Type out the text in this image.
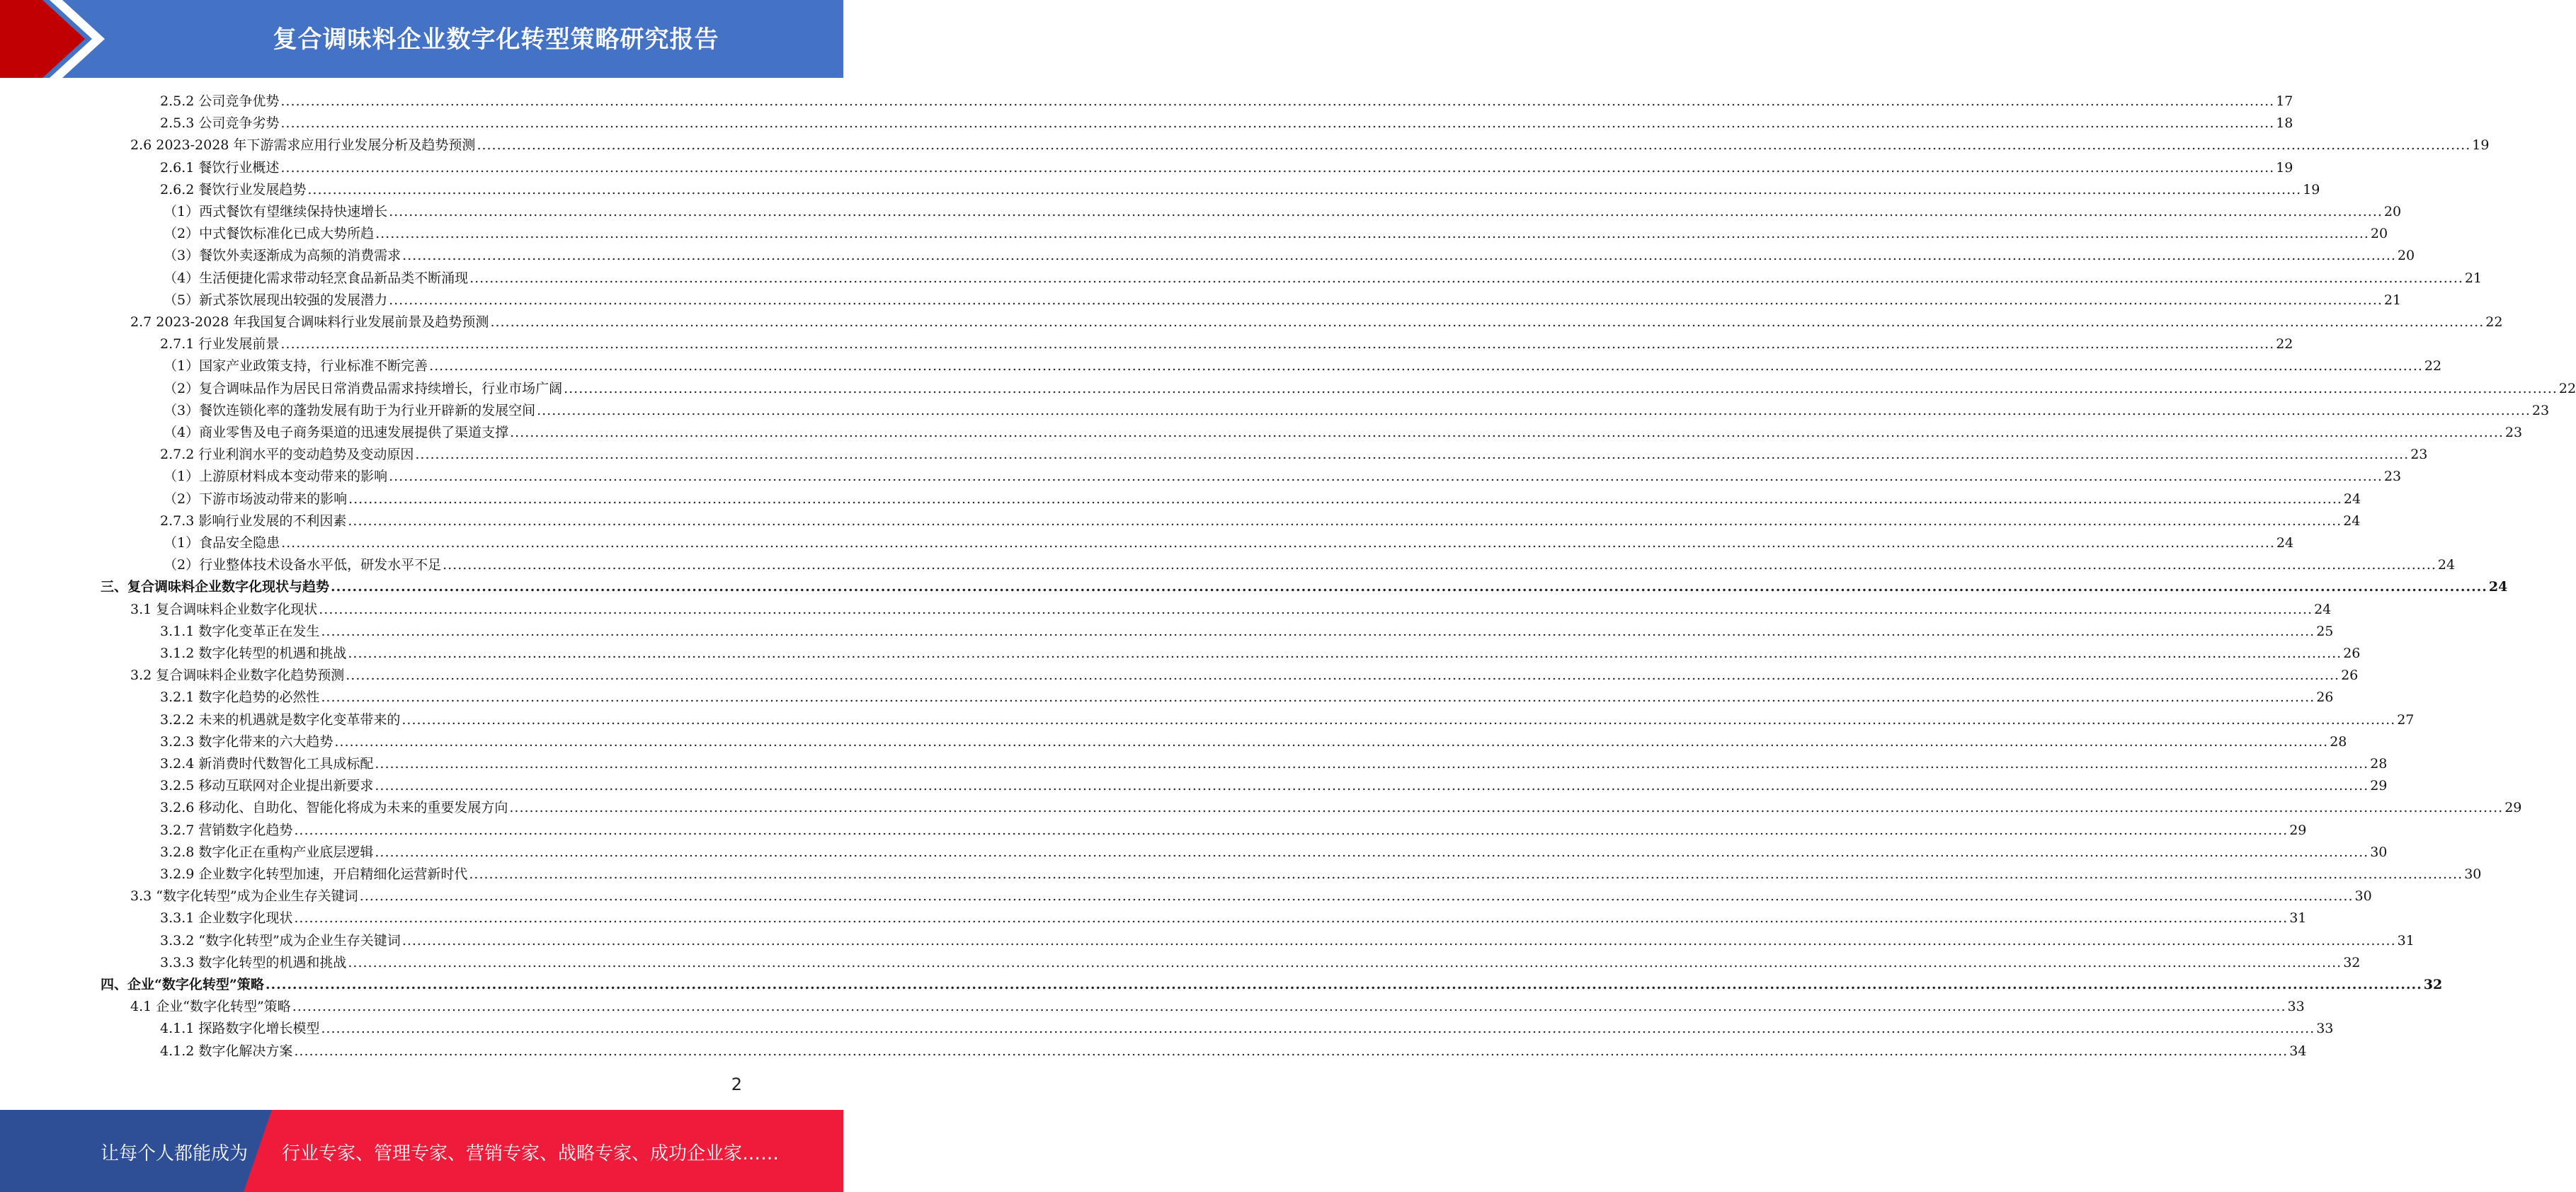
复合调味料企业数字化转型策略研究报告
2.5.2 公司竞争优势 ................................................................................................................................................................................................................................................................................................................................................................................................................ 17
2.5.3 公司竞争劣势 ................................................................................................................................................................................................................................................................................................................................................................................................................ 18
2.6 2023-2028 年下游需求应用行业发展分析及趋势预测 ................................................................................................................................................................................................................................................................................................................................................................................................................ 19
2.6.1 餐饮行业概述 ................................................................................................................................................................................................................................................................................................................................................................................................................ 19
2.6.2 餐饮行业发展趋势 ................................................................................................................................................................................................................................................................................................................................................................................................................ 19
（1）西式餐饮有望继续保持快速增长 ................................................................................................................................................................................................................................................................................................................................................................................................................ 20
（2）中式餐饮标准化已成大势所趋 ................................................................................................................................................................................................................................................................................................................................................................................................................ 20
（3）餐饮外卖逐渐成为高频的消费需求 ................................................................................................................................................................................................................................................................................................................................................................................................................ 20
（4）生活便捷化需求带动轻烹食品新品类不断涌现 ................................................................................................................................................................................................................................................................................................................................................................................................................ 21
（5）新式茶饮展现出较强的发展潜力 ................................................................................................................................................................................................................................................................................................................................................................................................................ 21
2.7 2023-2028 年我国复合调味料行业发展前景及趋势预测 ................................................................................................................................................................................................................................................................................................................................................................................................................ 22
2.7.1 行业发展前景 ................................................................................................................................................................................................................................................................................................................................................................................................................ 22
（1）国家产业政策支持，行业标准不断完善 ................................................................................................................................................................................................................................................................................................................................................................................................................ 22
（2）复合调味品作为居民日常消费品需求持续增长，行业市场广阔 ................................................................................................................................................................................................................................................................................................................................................................................................................ 22
（3）餐饮连锁化率的蓬勃发展有助于为行业开辟新的发展空间 ................................................................................................................................................................................................................................................................................................................................................................................................................ 23
（4）商业零售及电子商务渠道的迅速发展提供了渠道支撑 ................................................................................................................................................................................................................................................................................................................................................................................................................ 23
2.7.2 行业利润水平的变动趋势及变动原因 ................................................................................................................................................................................................................................................................................................................................................................................................................ 23
（1）上游原材料成本变动带来的影响 ................................................................................................................................................................................................................................................................................................................................................................................................................ 23
（2）下游市场波动带来的影响 ................................................................................................................................................................................................................................................................................................................................................................................................................ 24
2.7.3 影响行业发展的不利因素 ................................................................................................................................................................................................................................................................................................................................................................................................................ 24
（1）食品安全隐患 ................................................................................................................................................................................................................................................................................................................................................................................................................ 24
（2）行业整体技术设备水平低，研发水平不足 ................................................................................................................................................................................................................................................................................................................................................................................................................ 24
三、复合调味料企业数字化现状与趋势 ................................................................................................................................................................................................................................................................................................................................................................................................................ 24
3.1 复合调味料企业数字化现状 ................................................................................................................................................................................................................................................................................................................................................................................................................ 24
3.1.1 数字化变革正在发生 ................................................................................................................................................................................................................................................................................................................................................................................................................ 25
3.1.2 数字化转型的机遇和挑战 ................................................................................................................................................................................................................................................................................................................................................................................................................ 26
3.2 复合调味料企业数字化趋势预测 ................................................................................................................................................................................................................................................................................................................................................................................................................ 26
3.2.1 数字化趋势的必然性 ................................................................................................................................................................................................................................................................................................................................................................................................................ 26
3.2.2 未来的机遇就是数字化变革带来的 ................................................................................................................................................................................................................................................................................................................................................................................................................ 27
3.2.3 数字化带来的六大趋势 ................................................................................................................................................................................................................................................................................................................................................................................................................ 28
3.2.4 新消费时代数智化工具成标配 ................................................................................................................................................................................................................................................................................................................................................................................................................ 28
3.2.5 移动互联网对企业提出新要求 ................................................................................................................................................................................................................................................................................................................................................................................................................ 29
3.2.6 移动化、自助化、智能化将成为未来的重要发展方向 ................................................................................................................................................................................................................................................................................................................................................................................................................ 29
3.2.7 营销数字化趋势 ................................................................................................................................................................................................................................................................................................................................................................................................................ 29
3.2.8 数字化正在重构产业底层逻辑 ................................................................................................................................................................................................................................................................................................................................................................................................................ 30
3.2.9 企业数字化转型加速，开启精细化运营新时代 ................................................................................................................................................................................................................................................................................................................................................................................................................ 30
3.3 “数字化转型”成为企业生存关键词 ................................................................................................................................................................................................................................................................................................................................................................................................................ 30
3.3.1 企业数字化现状 ................................................................................................................................................................................................................................................................................................................................................................................................................ 31
3.3.2 “数字化转型”成为企业生存关键词 ................................................................................................................................................................................................................................................................................................................................................................................................................ 31
3.3.3 数字化转型的机遇和挑战 ................................................................................................................................................................................................................................................................................................................................................................................................................ 32
四、企业“数字化转型”策略 ................................................................................................................................................................................................................................................................................................................................................................................................................ 32
4.1 企业“数字化转型”策略 ................................................................................................................................................................................................................................................................................................................................................................................................................ 33
4.1.1 探路数字化增长模型 ................................................................................................................................................................................................................................................................................................................................................................................................................ 33
4.1.2 数字化解决方案 ................................................................................................................................................................................................................................................................................................................................................................................................................ 34
2
让每个人都能成为 行业专家、管理专家、营销专家、战略专家、成功企业家……
